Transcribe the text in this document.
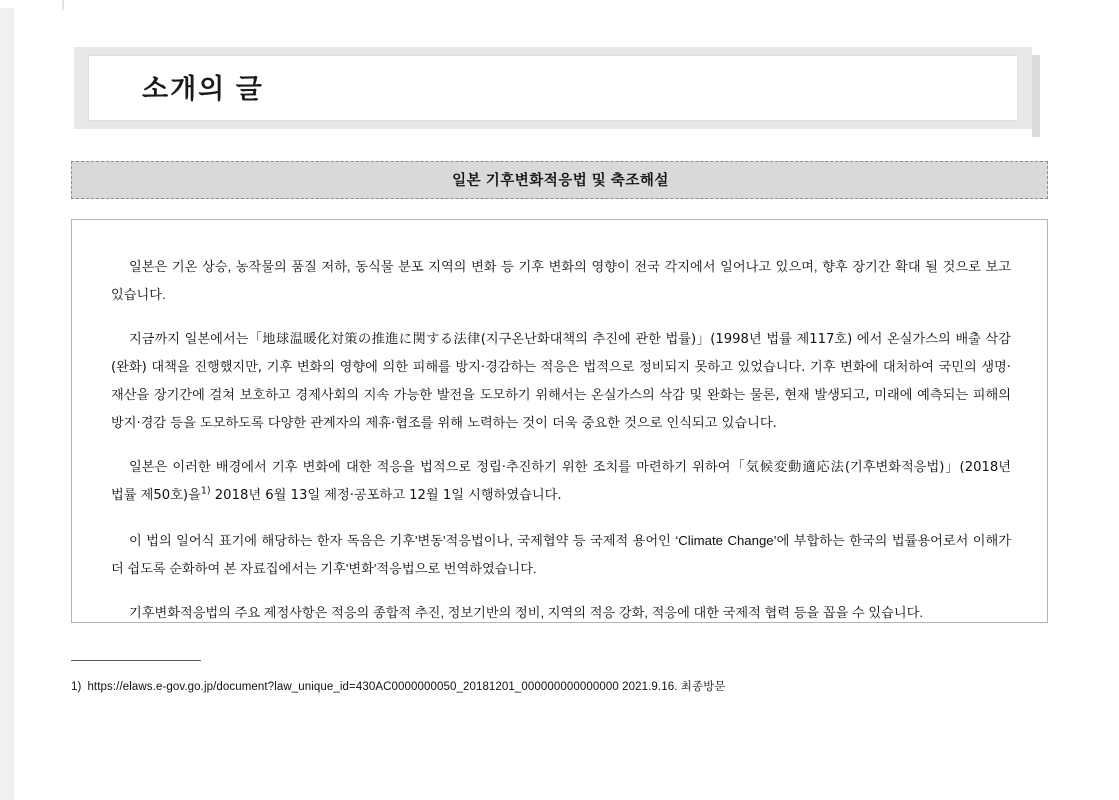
소개의 글
일본 기후변화적응법 및 축조해설

일본은 기온 상승, 농작물의 품질 저하, 동식물 분포 지역의 변화 등 기후 변화의 영향이 전국 각지에서 일어나고 있으며, 향후 장기간 확대 될 것으로 보고 있습니다.

지금까지 일본에서는「地球温暖化対策の推進に関する法律(지구온난화대책의 추진에 관한 법률)」(1998년 법률 제117호) 에서 온실가스의 배출 삭감(완화) 대책을 진행했지만, 기후 변화의 영향에 의한 피해를 방지·경감하는 적응은 법적으로 정비되지 못하고 있었습니다. 기후 변화에 대처하여 국민의 생명·재산을 장기간에 걸쳐 보호하고 경제사회의 지속 가능한 발전을 도모하기 위해서는 온실가스의 삭감 및 완화는 물론, 현재 발생되고, 미래에 예측되는 피해의 방지·경감 등을 도모하도록 다양한 관계자의 제휴·협조를 위해 노력하는 것이 더욱 중요한 것으로 인식되고 있습니다.

일본은 이러한 배경에서 기후 변화에 대한 적응을 법적으로 정립·추진하기 위한 조치를 마련하기 위하여「気候変動適応法(기후변화적응법)」(2018년 법률 제50호)을$^{1)}$ 2018년 6월 13일 제정·공포하고 12월 1일 시행하였습니다.

이 법의 일어식 표기에 해당하는 한자 독음은 기후'변동'적응법이나, 국제협약 등 국제적 용어인 ‘Climate Change’에 부합하는 한국의 법률용어로서 이해가 더 쉽도록 순화하여 본 자료집에서는 기후'변화'적응법으로 번역하였습니다.

기후변화적응법의 주요 제정사항은 적응의 종합적 추진, 정보기반의 정비, 지역의 적응 강화, 적응에 대한 국제적 협력 등을 꼽을 수 있습니다.

1) https://elaws.e-gov.go.jp/document?law_unique_id=430AC0000000050_20181201_000000000000000 2021.9.16. 최종방문
